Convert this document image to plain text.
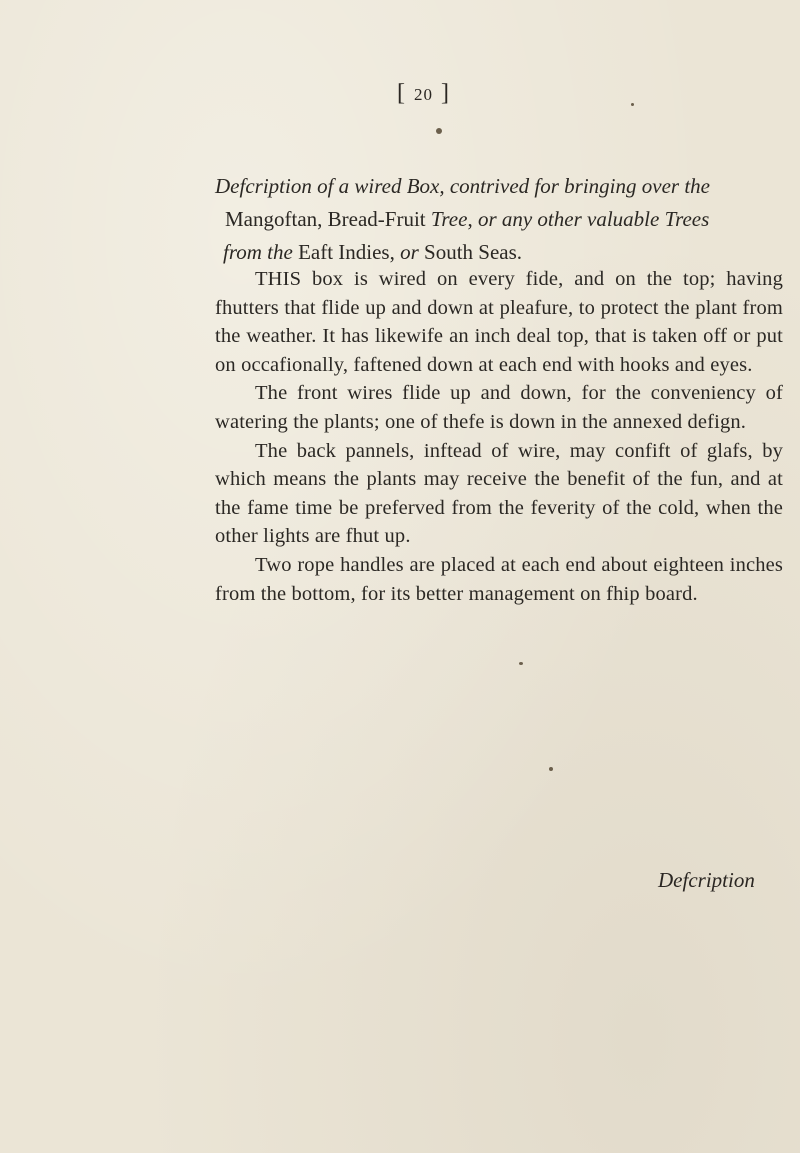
[ 20 ]
Defcription of a wired Box, contrived for bringing over the
Mangoftan, Bread-Fruit Tree, or any other valuable Trees
from the Eaft Indies, or South Seas.

THIS box is wired on every fide, and on the top; having fhutters that flide up and down at pleafure, to protect the plant from the weather. It has likewife an inch deal top, that is taken off or put on occafionally, faftened down at each end with hooks and eyes.

The front wires flide up and down, for the conveniency of watering the plants; one of thefe is down in the annexed defign.

The back pannels, inftead of wire, may confift of glafs, by which means the plants may receive the benefit of the fun, and at the fame time be preferved from the feverity of the cold, when the other lights are fhut up.

Two rope handles are placed at each end about eighteen inches from the bottom, for its better management on fhip board.

Defcription
